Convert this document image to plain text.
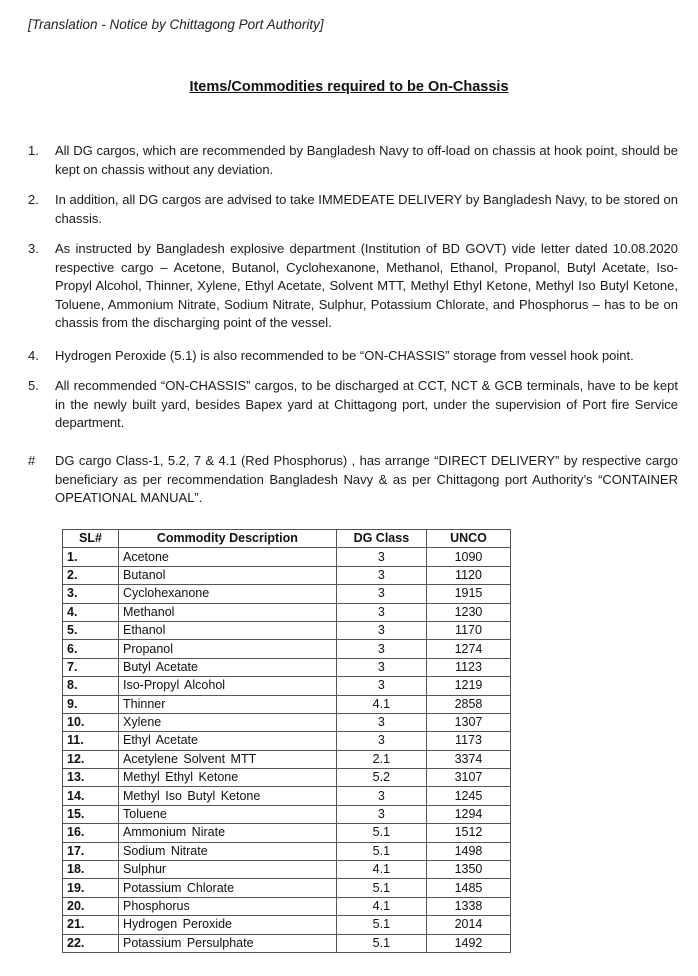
[Translation - Notice by Chittagong Port Authority]
Items/Commodities required to be On-Chassis
1.	All DG cargos, which are recommended by Bangladesh Navy to off-load on chassis at hook point, should be kept on chassis without any deviation.
2.	In addition, all DG cargos are advised to take IMMEDEATE DELIVERY by Bangladesh Navy, to be stored on chassis.
3.	As instructed by Bangladesh explosive department (Institution of BD GOVT) vide letter dated 10.08.2020 respective cargo – Acetone, Butanol, Cyclohexanone, Methanol, Ethanol, Propanol, Butyl Acetate, Iso-Propyl Alcohol, Thinner, Xylene, Ethyl Acetate, Solvent MTT, Methyl Ethyl Ketone, Methyl Iso Butyl Ketone, Toluene, Ammonium Nitrate, Sodium Nitrate, Sulphur, Potassium Chlorate, and Phosphorus – has to be on chassis from the discharging point of the vessel.
4.	Hydrogen Peroxide (5.1) is also recommended to be “ON-CHASSIS” storage from vessel hook point.
5.	All recommended “ON-CHASSIS” cargos, to be discharged at CCT, NCT & GCB terminals, have to be kept in the newly built yard, besides Bapex yard at Chittagong port, under the supervision of Port fire Service department.
#	DG cargo Class-1, 5.2, 7 & 4.1 (Red Phosphorus) , has arrange “DIRECT DELIVERY” by respective cargo beneficiary as per recommendation Bangladesh Navy & as per Chittagong port Authority’s “CONTAINER OPEATIONAL MANUAL”.
SL#	Commodity Description	DG Class	UNCO
1.	Acetone	3	1090
2.	Butanol	3	1120
3.	Cyclohexanone	3	1915
4.	Methanol	3	1230
5.	Ethanol	3	1170
6.	Propanol	3	1274
7.	Butyl Acetate	3	1123
8.	Iso-Propyl Alcohol	3	1219
9.	Thinner	4.1	2858
10.	Xylene	3	1307
11.	Ethyl Acetate	3	1173
12.	Acetylene Solvent MTT	2.1	3374
13.	Methyl Ethyl Ketone	5.2	3107
14.	Methyl Iso Butyl Ketone	3	1245
15.	Toluene	3	1294
16.	Ammonium Nirate	5.1	1512
17.	Sodium Nitrate	5.1	1498
18.	Sulphur	4.1	1350
19.	Potassium Chlorate	5.1	1485
20.	Phosphorus	4.1	1338
21.	Hydrogen Peroxide	5.1	2014
22.	Potassium Persulphate	5.1	1492
